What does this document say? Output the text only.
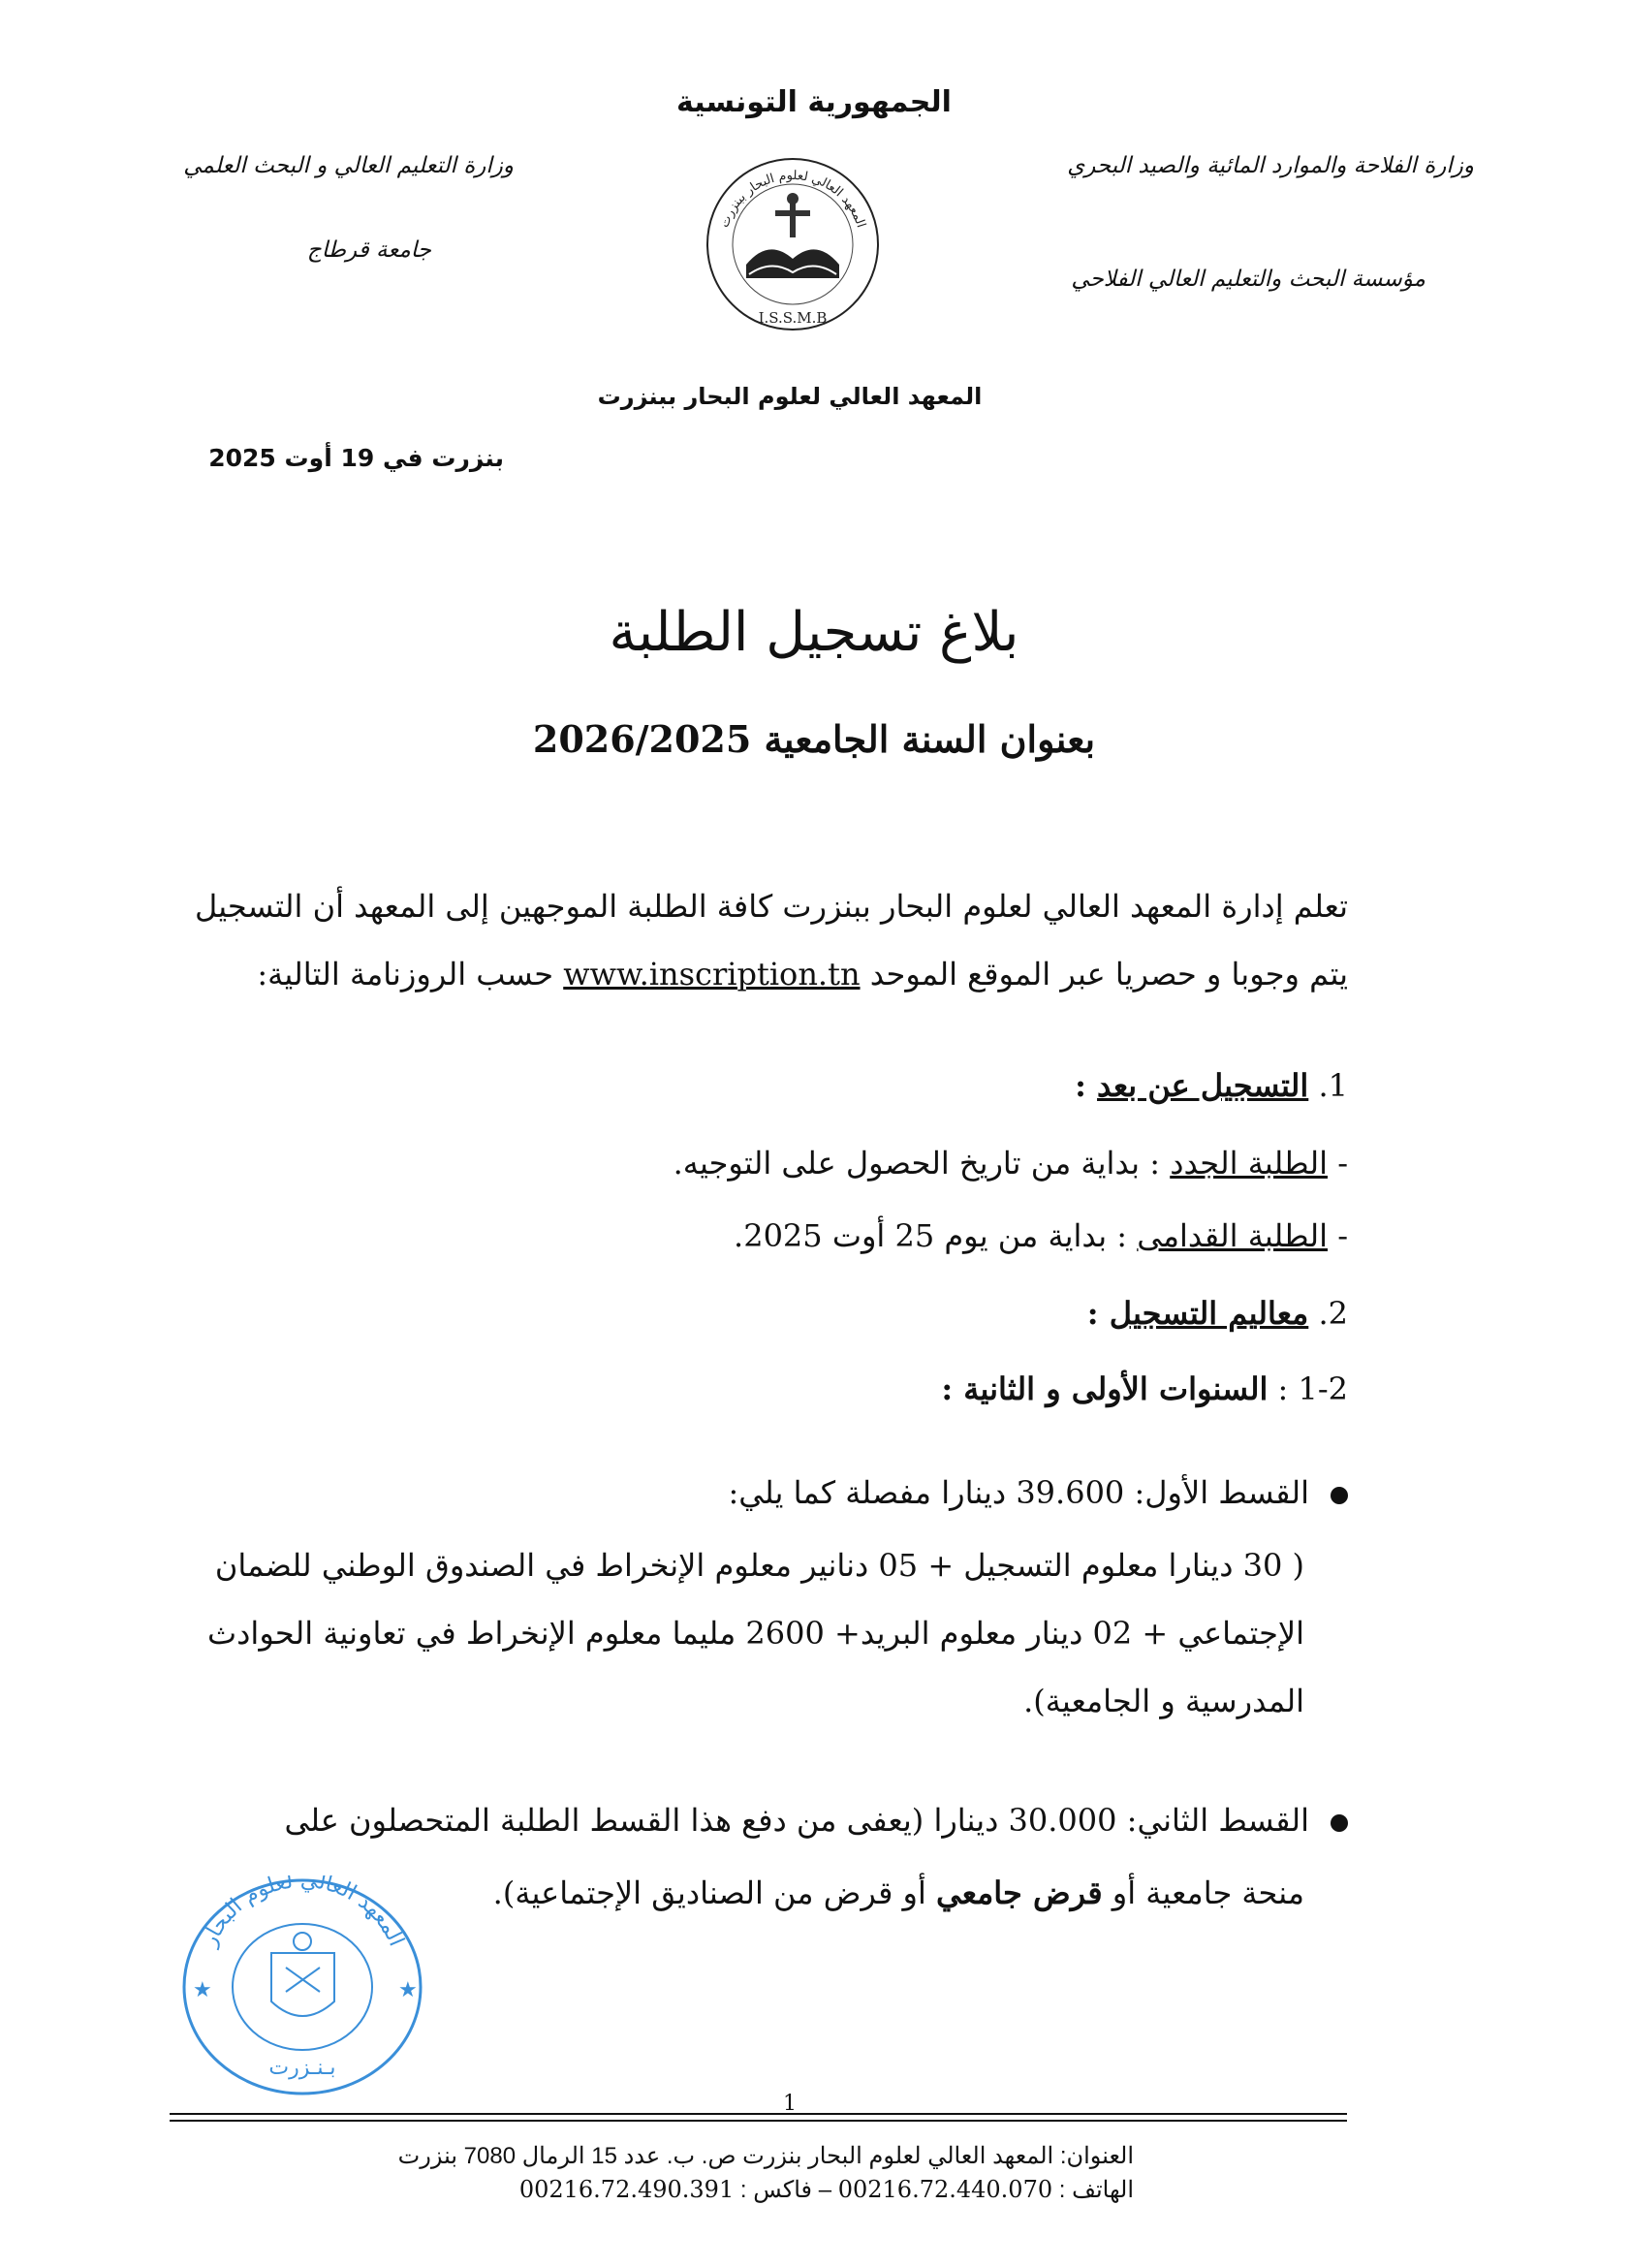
الجمهورية التونسية
وزارة الفلاحة والموارد المائية والصيد البحري
وزارة التعليم العالي و البحث العلمي
مؤسسة البحث والتعليم العالي الفلاحي
جامعة قرطاج
المعهد العالي لعلوم البحار ببنزرت
I.S.S.M.B
المعهد العالي لعلوم البحار ببنزرت
بنزرت في 19 أوت 2025
بلاغ تسجيل الطلبة
بعنوان السنة الجامعية 2026/2025
تعلم إدارة المعهد العالي لعلوم البحار ببنزرت كافة الطلبة الموجهين إلى المعهد أن التسجيل يتم وجوبا و حصريا عبر الموقع الموحد www.inscription.tn حسب الروزنامة التالية:
1. التسجيل عن بعد :
- الطلبة الجدد : بداية من تاريخ الحصول على التوجيه.
- الطلبة القدامى : بداية من يوم 25 أوت 2025.
2. معاليم التسجيل :
1-2 : السنوات الأولى و الثانية :
القسط الأول: 39.600 دينارا مفصلة كما يلي:
( 30 دينارا معلوم التسجيل + 05 دنانير معلوم الإنخراط في الصندوق الوطني للضمان الإجتماعي + 02 دينار معلوم البريد+ 2600 مليما معلوم الإنخراط في تعاونية الحوادث المدرسية و الجامعية).
القسط الثاني: 30.000 دينارا (يعفى من دفع هذا القسط الطلبة المتحصلون على
منحة جامعية أو قرض جامعي أو قرض من الصناديق الإجتماعية).
المعهد العالي لعلوم البحار
بـنـزرت
★	★
1
العنوان: المعهد العالي لعلوم البحار بنزرت ص. ب. عدد 15 الرمال 7080 بنزرت
الهاتف : 00216.72.440.070 – فاكس : 00216.72.490.391
